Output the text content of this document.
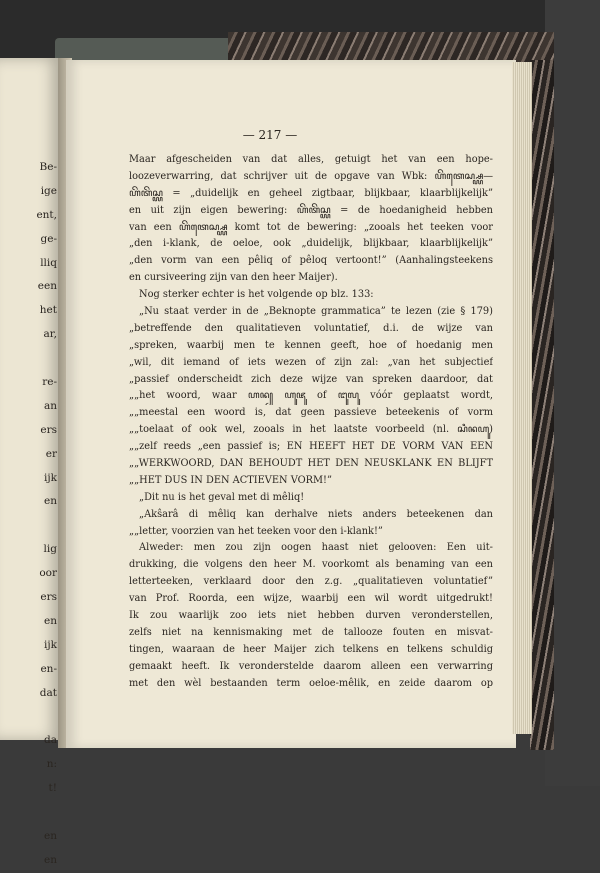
Be-
ige
ent,
ge-
lliq
een
het
ar,
re-
an
ers
er
ijk
en
lig
oor
ers
en
ijk
en-
dat
da
n:
t!
en
en
— 217 —
Maar afgescheiden van dat alles, getuigt het van een hope-
loozeverwarring, dat schrijver uit de opgave van Wbk: ꦲꦼꦠꦺꦱ꧀ꦱ꧀ꦪ—
ꦲꦼꦠꦼꦱ꧀ꦪ = „duidelijk en geheel zigtbaar, blijkbaar, klaarblijkelijk”
en uit zijn eigen bewering: ꦲꦼꦠꦼꦱ꧀ꦪ = de hoedanigheid hebben
van een ꦲꦼꦠꦺꦱ꧀ꦱ꧀ꦪ komt tot de bewering: „zooals het teeken voor
„den i-klank, de oeloe, ook „duidelijk, blijkbaar, klaarblijkelijk”
„den vorm van een pêliq of pêloq vertoont!” (Aanhalingsteekens
en cursiveering zijn van den heer Maijer).
Nog sterker echter is het volgende op blz. 133:
„Nu staat verder in de „Beknopte grammatica” te lezen (zie § 179)
„betreffende den qualitatieven voluntatief, d.i. de wijze van
„spreken, waarbij men te kennen geeft, hoe of hoedanig men
„wil, dit iemand of iets wezen of zijn zal: „van het subjectief
„passief onderscheidt zich deze wijze van spreken daardoor, dat
„„het woord, waar ꦲꦤ꧀ ꦲꦸꦗꦸ of ꦔꦸꦭꦸ vóór geplaatst wordt,
„„meestal een woord is, dat geen passieve beteekenis of vorm
„„toelaat of ook wel, zooals in het laatste voorbeeld (nl. ꦱꦶꦤꦲꦸ)
„„zelf reeds „een passief is; EN HEEFT HET DE VORM VAN EEN
„„WERKWOORD, DAN BEHOUDT HET DEN NEUSKLANK EN BLIJFT
„„HET DUS IN DEN ACTIEVEN VORM!”
„Dit nu is het geval met di mêliq!
„Akŝarâ di mêliq kan derhalve niets anders beteekenen dan
„„letter, voorzien van het teeken voor den i-klank!”
Alweder: men zou zijn oogen haast niet gelooven: Een uit-
drukking, die volgens den heer M. voorkomt als benaming van een
letterteeken, verklaard door den z.g. „qualitatieven voluntatief”
van Prof. Roorda, een wijze, waarbij een wil wordt uitgedrukt!
Ik zou waarlijk zoo iets niet hebben durven veronderstellen,
zelfs niet na kennismaking met de tallooze fouten en misvat-
tingen, waaraan de heer Maijer zich telkens en telkens schuldig
gemaakt heeft. Ik veronderstelde daarom alleen een verwarring
met den wèl bestaanden term oeloe-mêlik, en zeide daarom op
